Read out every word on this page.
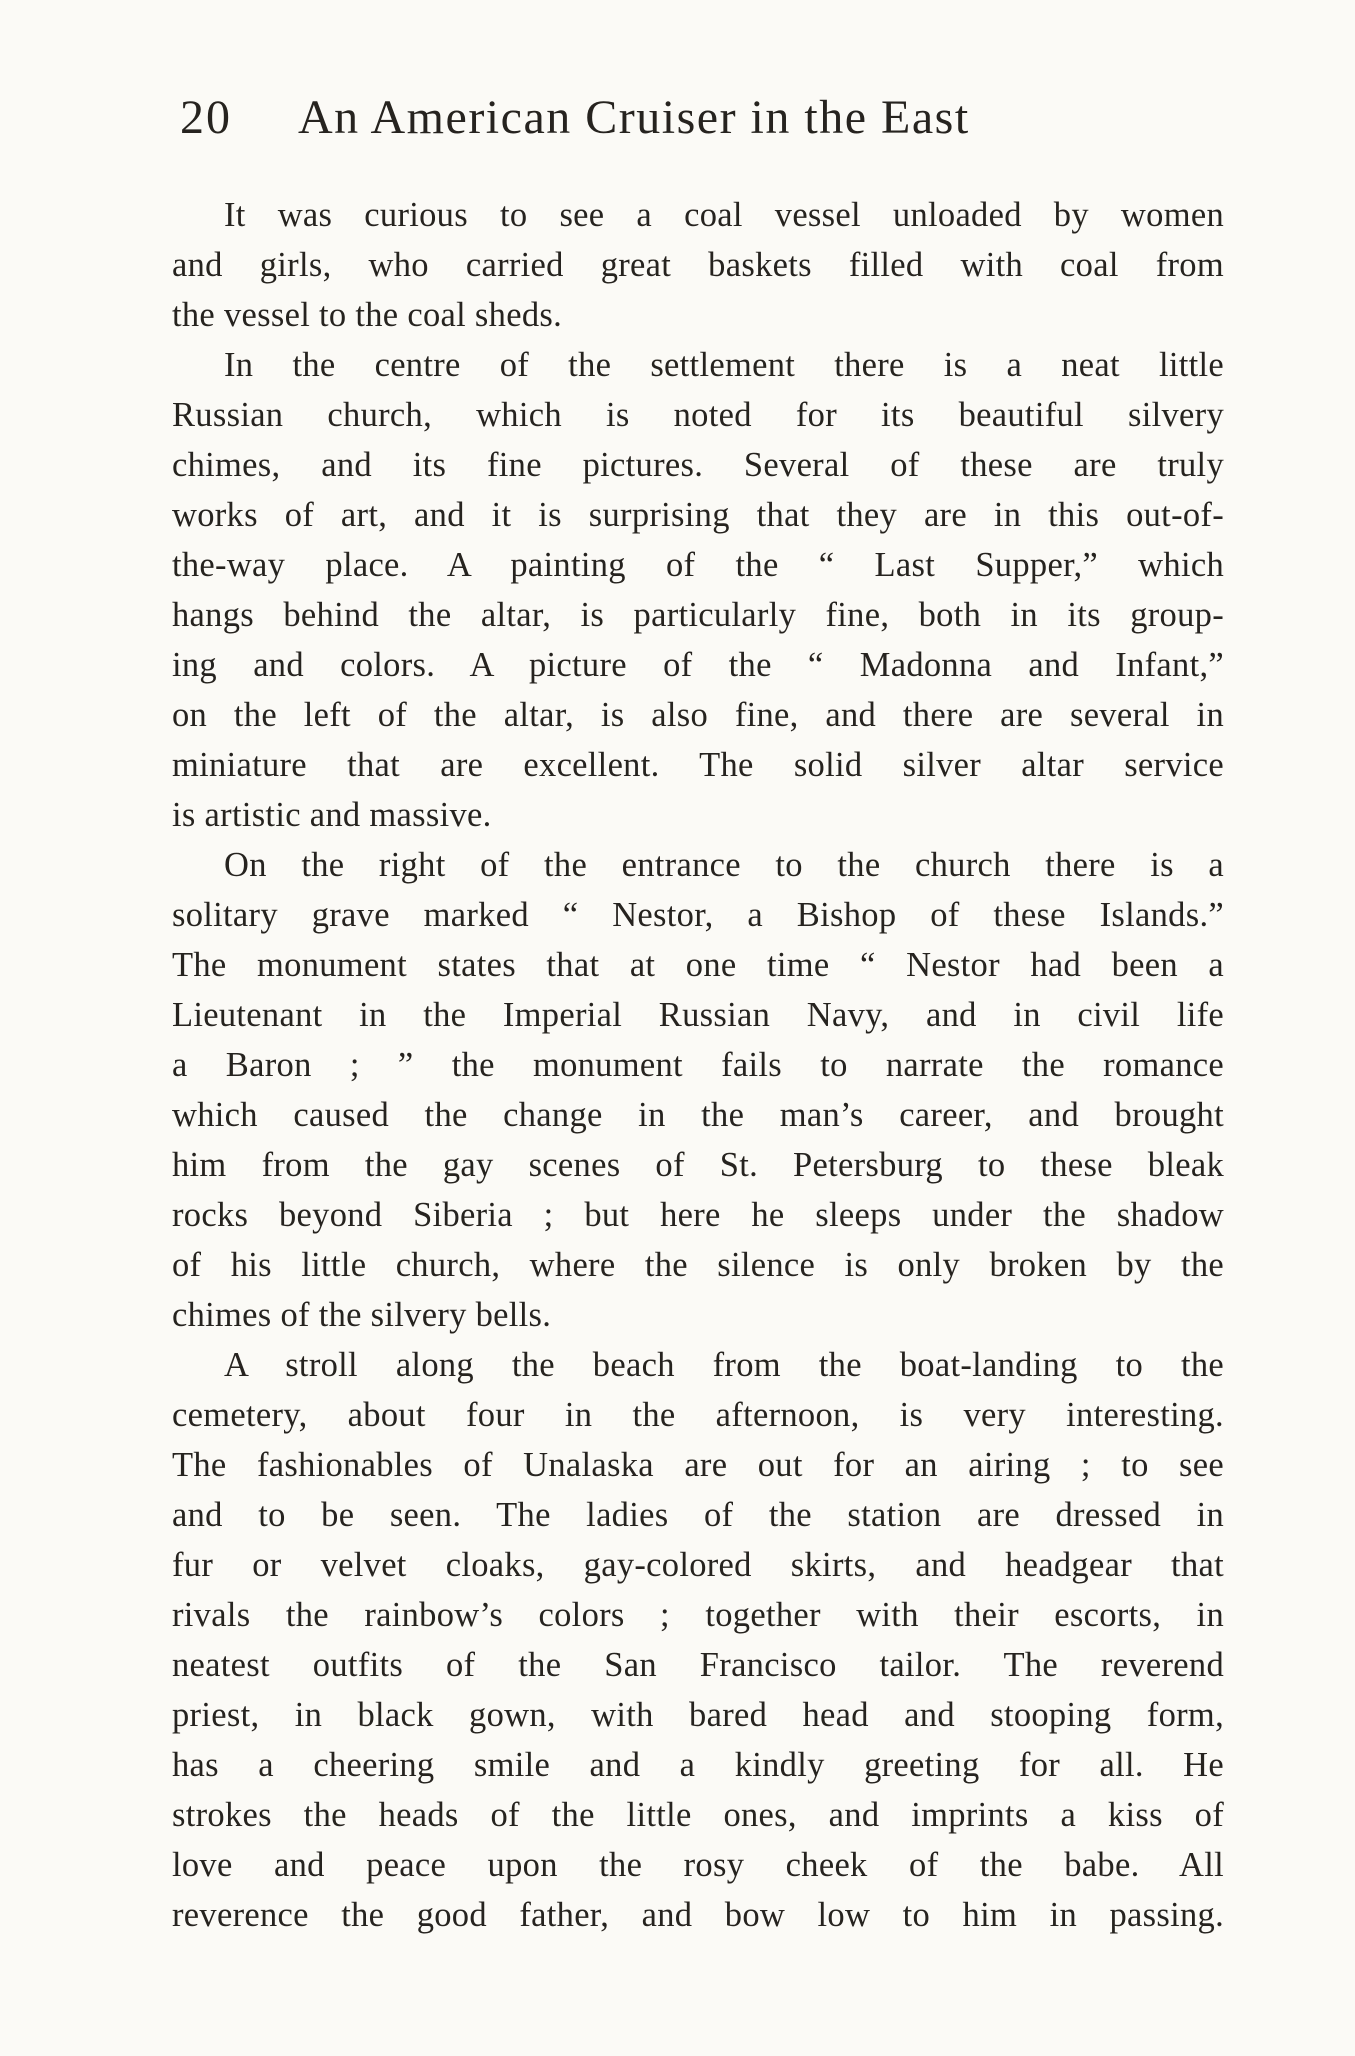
20 An American Cruiser in the East
It was curious to see a coal vessel unloaded by women
and girls, who carried great baskets filled with coal from
the vessel to the coal sheds.
In the centre of the settlement there is a neat little
Russian church, which is noted for its beautiful silvery
chimes, and its fine pictures. Several of these are truly
works of art, and it is surprising that they are in this out-of-
the-way place. A painting of the “ Last Supper,” which
hangs behind the altar, is particularly fine, both in its group-
ing and colors. A picture of the “ Madonna and Infant,”
on the left of the altar, is also fine, and there are several in
miniature that are excellent. The solid silver altar service
is artistic and massive.
On the right of the entrance to the church there is a
solitary grave marked “ Nestor, a Bishop of these Islands.”
The monument states that at one time “ Nestor had been a
Lieutenant in the Imperial Russian Navy, and in civil life
a Baron ; ” the monument fails to narrate the romance
which caused the change in the man’s career, and brought
him from the gay scenes of St. Petersburg to these bleak
rocks beyond Siberia ; but here he sleeps under the shadow
of his little church, where the silence is only broken by the
chimes of the silvery bells.
A stroll along the beach from the boat-landing to the
cemetery, about four in the afternoon, is very interesting.
The fashionables of Unalaska are out for an airing ; to see
and to be seen. The ladies of the station are dressed in
fur or velvet cloaks, gay-colored skirts, and headgear that
rivals the rainbow’s colors ; together with their escorts, in
neatest outfits of the San Francisco tailor. The reverend
priest, in black gown, with bared head and stooping form,
has a cheering smile and a kindly greeting for all. He
strokes the heads of the little ones, and imprints a kiss of
love and peace upon the rosy cheek of the babe. All
reverence the good father, and bow low to him in passing.
